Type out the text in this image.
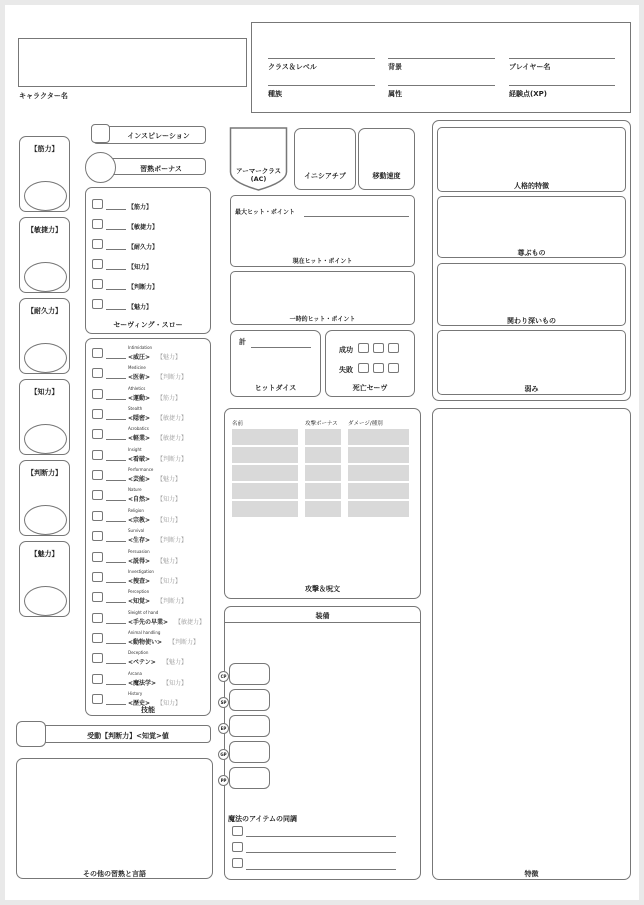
キャラクター名
クラス＆レベル	背景	プレイヤー名
種族	属性	経験点(XP)
【筋力】
【敏捷力】
【耐久力】
【知力】
【判断力】
【魅力】
インスピレーション
習熟ボーナス
【筋力】
【敏捷力】
【耐久力】
【知力】
【判断力】
【魅力】
セーヴィング・スロー
Intimidation
<威圧> 【魅力】
Medicine
<医術> 【判断力】
Athletics
<運動> 【筋力】
Stealth
<隠密> 【敏捷力】
Acrobatics
<軽業> 【敏捷力】
Insight
<看破> 【判断力】
Performance
<芸能> 【魅力】
Nature
<自然> 【知力】
Religion
<宗教> 【知力】
Survival
<生存> 【判断力】
Persuasion
<説得> 【魅力】
Investigation
<捜査> 【知力】
Perception
<知覚> 【判断力】
Sleight of hand
<手先の早業> 【敏捷力】
Animal handling
<動物使い> 【判断力】
Deception
<ペテン> 【魅力】
Arcana
<魔法学> 【知力】
History
<歴史> 【知力】
技能
受動【判断力】<知覚>値
その他の習熟と言語
アーマークラス
(AC)	イニシアチブ	移動速度
最大ヒット・ポイント
現在ヒット・ポイント
一時的ヒット・ポイント
計
ヒットダイス
成功
失敗
死亡セーヴ
名前	攻撃ボーナス ダメージ/種別
攻撃＆呪文
装備
CP
SP
EP
GP
PP
魔法のアイテムの同調
人格的特徴
尊ぶもの
関わり深いもの
弱み
特徴
